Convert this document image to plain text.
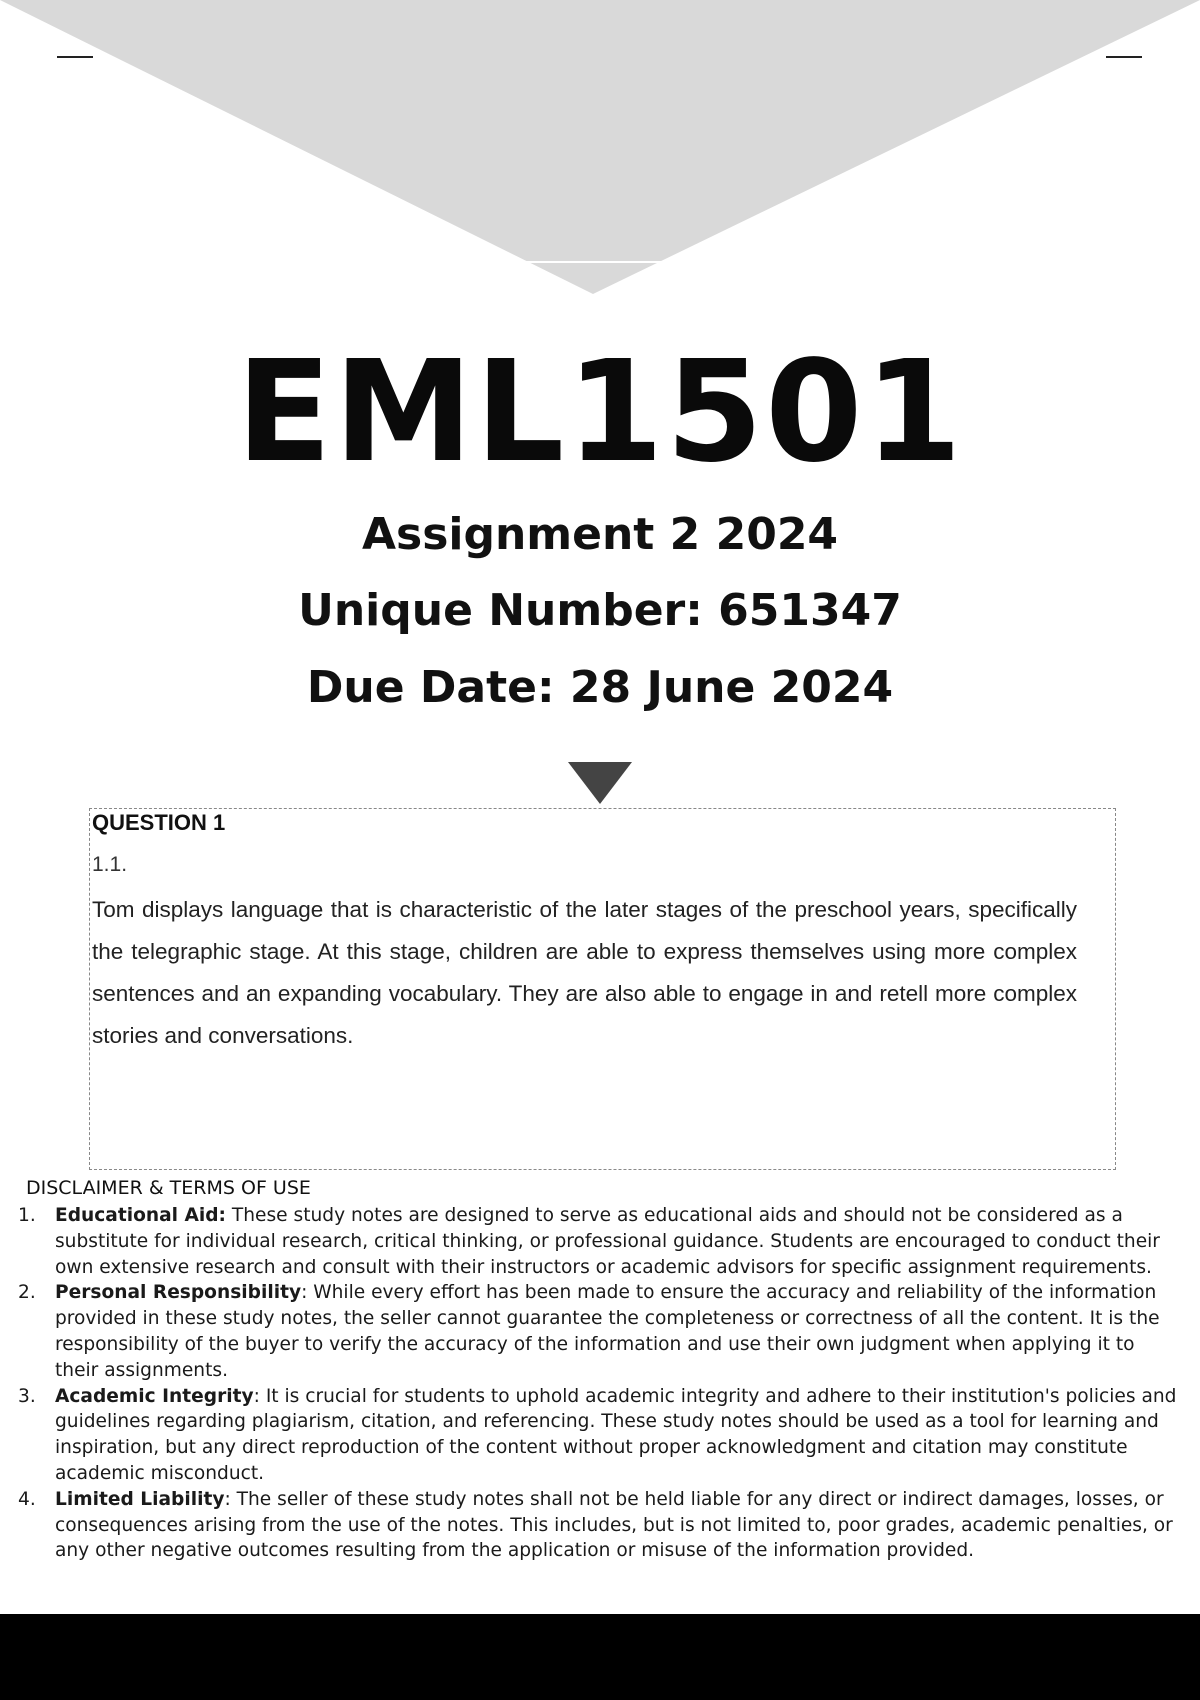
EML1501

Assignment 2 2024

Unique Number: 651347

Due Date: 28 June 2024

QUESTION 1

1.1.

Tom displays language that is characteristic of the later stages of the preschool years, specifically the telegraphic stage. At this stage, children are able to express themselves using more complex sentences and an expanding vocabulary. They are also able to engage in and retell more complex stories and conversations.

DISCLAIMER & TERMS OF USE

1. Educational Aid: These study notes are designed to serve as educational aids and should not be considered as a substitute for individual research, critical thinking, or professional guidance. Students are encouraged to conduct their own extensive research and consult with their instructors or academic advisors for specific assignment requirements.
2. Personal Responsibility: While every effort has been made to ensure the accuracy and reliability of the information provided in these study notes, the seller cannot guarantee the completeness or correctness of all the content. It is the responsibility of the buyer to verify the accuracy of the information and use their own judgment when applying it to their assignments.
3. Academic Integrity: It is crucial for students to uphold academic integrity and adhere to their institution's policies and guidelines regarding plagiarism, citation, and referencing. These study notes should be used as a tool for learning and inspiration, but any direct reproduction of the content without proper acknowledgment and citation may constitute academic misconduct.
4. Limited Liability: The seller of these study notes shall not be held liable for any direct or indirect damages, losses, or consequences arising from the use of the notes. This includes, but is not limited to, poor grades, academic penalties, or any other negative outcomes resulting from the application or misuse of the information provided.
